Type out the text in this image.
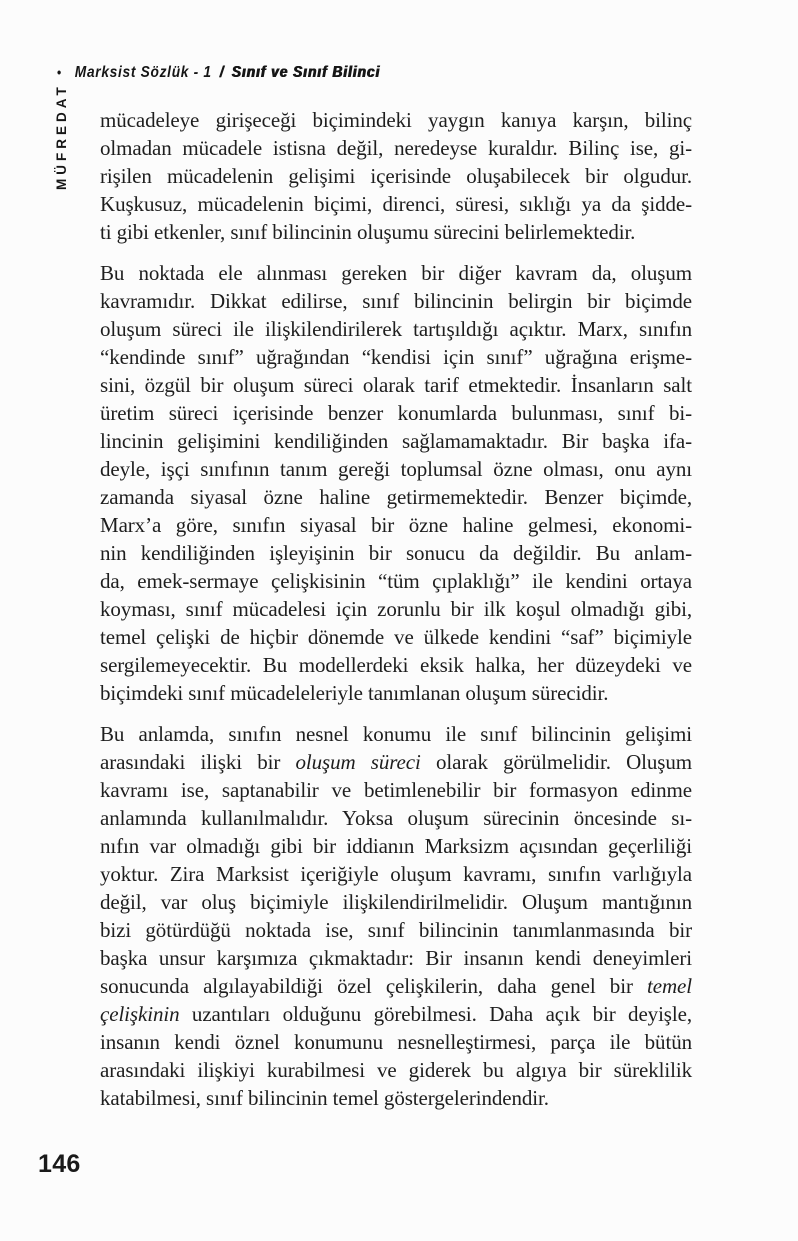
• Marksist Sözlük - 1 / Sınıf ve Sınıf Bilinci
MÜFREDAT mücadeleye girişeceği biçimindeki yaygın kanıya karşın, bilinç
olmadan mücadele istisna değil, neredeyse kuraldır. Bilinç ise, gi-
rişilen mücadelenin gelişimi içerisinde oluşabilecek bir olgudur.
Kuşkusuz, mücadelenin biçimi, direnci, süresi, sıklığı ya da şidde-
ti gibi etkenler, sınıf bilincinin oluşumu sürecini belirlemektedir.
Bu noktada ele alınması gereken bir diğer kavram da, oluşum
kavramıdır. Dikkat edilirse, sınıf bilincinin belirgin bir biçimde
oluşum süreci ile ilişkilendirilerek tartışıldığı açıktır. Marx, sınıfın
“kendinde sınıf” uğrağından “kendisi için sınıf” uğrağına erişme-
sini, özgül bir oluşum süreci olarak tarif etmektedir. İnsanların salt
üretim süreci içerisinde benzer konumlarda bulunması, sınıf bi-
lincinin gelişimini kendiliğinden sağlamamaktadır. Bir başka ifa-
deyle, işçi sınıfının tanım gereği toplumsal özne olması, onu aynı
zamanda siyasal özne haline getirmemektedir. Benzer biçimde,
Marx’a göre, sınıfın siyasal bir özne haline gelmesi, ekonomi-
nin kendiliğinden işleyişinin bir sonucu da değildir. Bu anlam-
da, emek-sermaye çelişkisinin “tüm çıplaklığı” ile kendini ortaya
koyması, sınıf mücadelesi için zorunlu bir ilk koşul olmadığı gibi,
temel çelişki de hiçbir dönemde ve ülkede kendini “saf” biçimiyle
sergilemeyecektir. Bu modellerdeki eksik halka, her düzeydeki ve
biçimdeki sınıf mücadeleleriyle tanımlanan oluşum sürecidir.
Bu anlamda, sınıfın nesnel konumu ile sınıf bilincinin gelişimi
arasındaki ilişki bir oluşum süreci olarak görülmelidir. Oluşum
kavramı ise, saptanabilir ve betimlenebilir bir formasyon edinme
anlamında kullanılmalıdır. Yoksa oluşum sürecinin öncesinde sı-
nıfın var olmadığı gibi bir iddianın Marksizm açısından geçerliliği
yoktur. Zira Marksist içeriğiyle oluşum kavramı, sınıfın varlığıyla
değil, var oluş biçimiyle ilişkilendirilmelidir. Oluşum mantığının
bizi götürdüğü noktada ise, sınıf bilincinin tanımlanmasında bir
başka unsur karşımıza çıkmaktadır: Bir insanın kendi deneyimleri
sonucunda algılayabildiği özel çelişkilerin, daha genel bir temel
çelişkinin uzantıları olduğunu görebilmesi. Daha açık bir deyişle,
insanın kendi öznel konumunu nesnelleştirmesi, parça ile bütün
arasındaki ilişkiyi kurabilmesi ve giderek bu algıya bir süreklilik
katabilmesi, sınıf bilincinin temel göstergelerindendir.
146
